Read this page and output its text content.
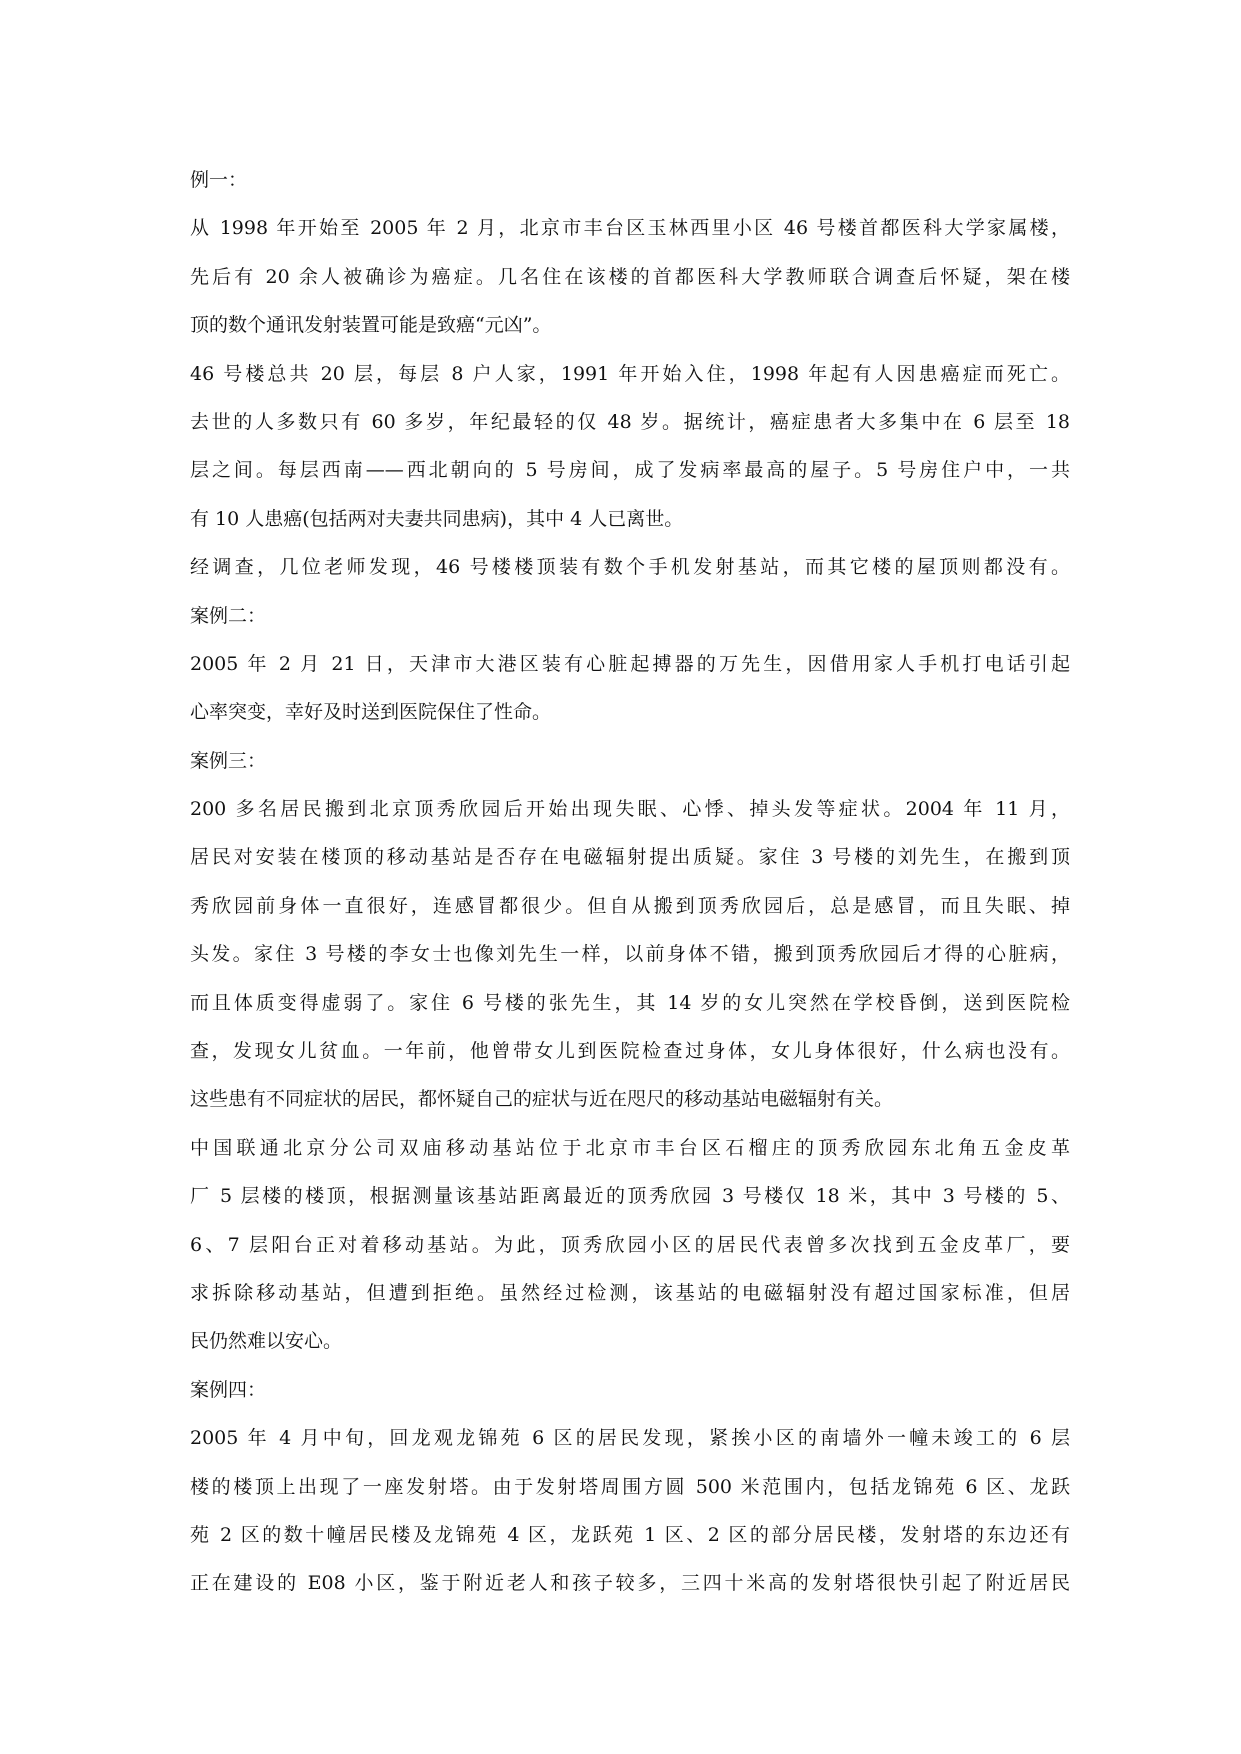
例一：
从 1998 年开始至 2005 年 2 月，北京市丰台区玉林西里小区 46 号楼首都医科大学家属楼，
先后有 20 余人被确诊为癌症。几名住在该楼的首都医科大学教师联合调查后怀疑，架在楼
顶的数个通讯发射装置可能是致癌“元凶”。
46 号楼总共 20 层，每层 8 户人家，1991 年开始入住，1998 年起有人因患癌症而死亡。
去世的人多数只有 60 多岁，年纪最轻的仅 48 岁。据统计，癌症患者大多集中在 6 层至 18
层之间。每层西南——西北朝向的 5 号房间，成了发病率最高的屋子。5 号房住户中，一共
有 10 人患癌(包括两对夫妻共同患病)，其中 4 人已离世。
经调查，几位老师发现，46 号楼楼顶装有数个手机发射基站，而其它楼的屋顶则都没有。
案例二：
2005 年 2 月 21 日，天津市大港区装有心脏起搏器的万先生，因借用家人手机打电话引起
心率突变，幸好及时送到医院保住了性命。
案例三：
200 多名居民搬到北京顶秀欣园后开始出现失眠、心悸、掉头发等症状。2004 年 11 月，
居民对安装在楼顶的移动基站是否存在电磁辐射提出质疑。家住 3 号楼的刘先生，在搬到顶
秀欣园前身体一直很好，连感冒都很少。但自从搬到顶秀欣园后，总是感冒，而且失眠、掉
头发。家住 3 号楼的李女士也像刘先生一样，以前身体不错，搬到顶秀欣园后才得的心脏病，
而且体质变得虚弱了。家住 6 号楼的张先生，其 14 岁的女儿突然在学校昏倒，送到医院检
查，发现女儿贫血。一年前，他曾带女儿到医院检查过身体，女儿身体很好，什么病也没有。
这些患有不同症状的居民，都怀疑自己的症状与近在咫尺的移动基站电磁辐射有关。
中国联通北京分公司双庙移动基站位于北京市丰台区石榴庄的顶秀欣园东北角五金皮革
厂 5 层楼的楼顶，根据测量该基站距离最近的顶秀欣园 3 号楼仅 18 米，其中 3 号楼的 5、
6、7 层阳台正对着移动基站。为此，顶秀欣园小区的居民代表曾多次找到五金皮革厂，要
求拆除移动基站，但遭到拒绝。虽然经过检测，该基站的电磁辐射没有超过国家标准，但居
民仍然难以安心。
案例四：
2005 年 4 月中旬，回龙观龙锦苑 6 区的居民发现，紧挨小区的南墙外一幢未竣工的 6 层
楼的楼顶上出现了一座发射塔。由于发射塔周围方圆 500 米范围内，包括龙锦苑 6 区、龙跃
苑 2 区的数十幢居民楼及龙锦苑 4 区，龙跃苑 1 区、2 区的部分居民楼，发射塔的东边还有
正在建设的 E08 小区，鉴于附近老人和孩子较多，三四十米高的发射塔很快引起了附近居民
